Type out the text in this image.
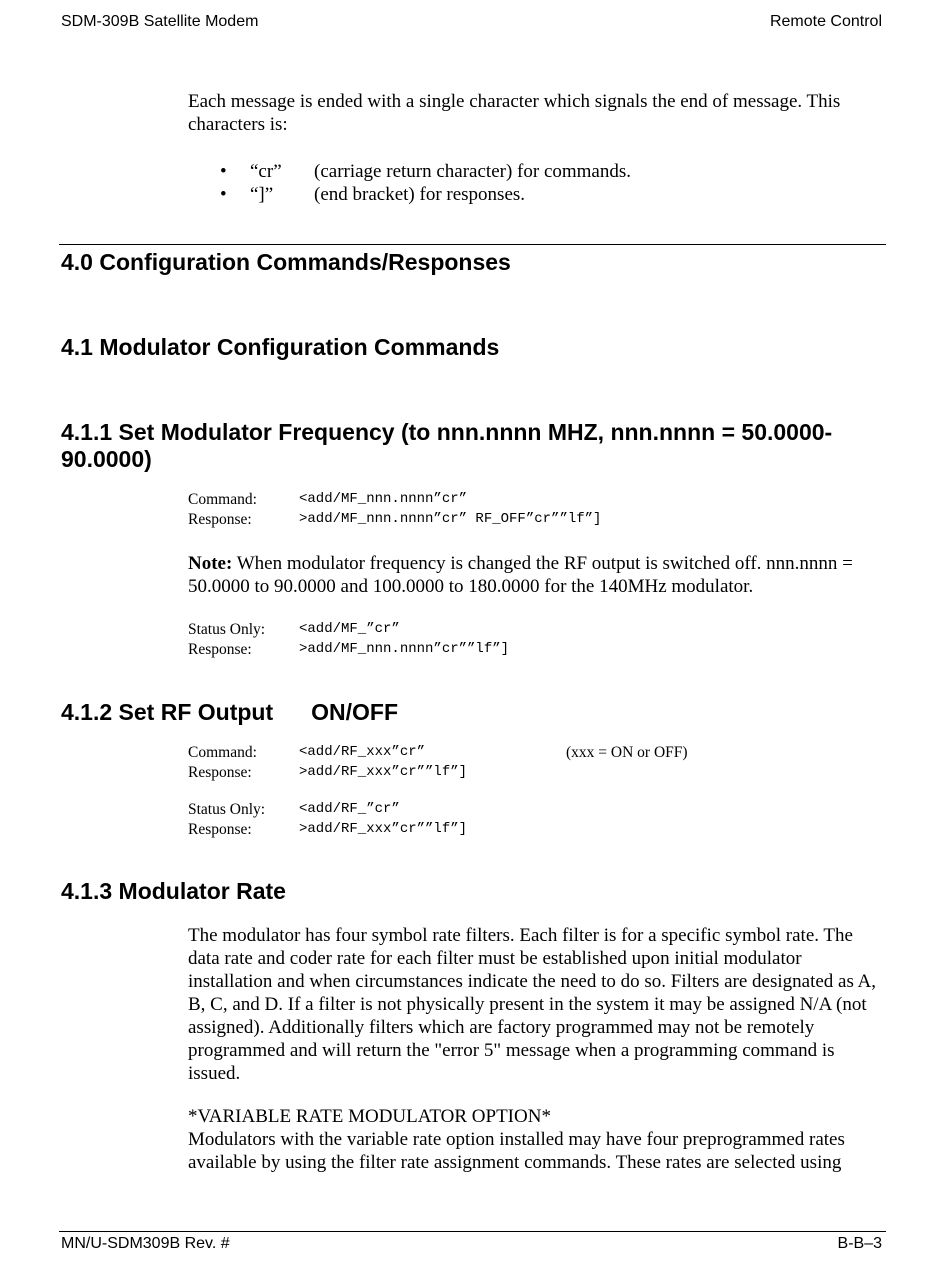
SDM-309B Satellite Modem	Remote Control
Each message is ended with a single character which signals the end of message. This characters is:
• “cr” (carriage return character) for commands.
• “]” (end bracket) for responses.
4.0 Configuration Commands/Responses
4.1 Modulator Configuration Commands
4.1.1 Set Modulator Frequency (to nnn.nnnn MHZ, nnn.nnnn = 50.0000-90.0000)
Command:	<add/MF_nnn.nnnn”cr”
Response:	>add/MF_nnn.nnnn”cr” RF_OFF”cr””lf”]
Note: When modulator frequency is changed the RF output is switched off. nnn.nnnn = 50.0000 to 90.0000 and 100.0000 to 180.0000 for the 140MHz modulator.
Status Only: <add/MF_”cr”
Response:	>add/MF_nnn.nnnn”cr””lf”]
4.1.2 Set RF Output ON/OFF
Command:	<add/RF_xxx”cr”	(xxx = ON or OFF)
Response:	>add/RF_xxx”cr””lf”]
Status Only: <add/RF_”cr”
Response:	>add/RF_xxx”cr””lf”]
4.1.3 Modulator Rate
The modulator has four symbol rate filters. Each filter is for a specific symbol rate. The data rate and coder rate for each filter must be established upon initial modulator installation and when circumstances indicate the need to do so. Filters are designated as A, B, C, and D. If a filter is not physically present in the system it may be assigned N/A (not assigned). Additionally filters which are factory programmed may not be remotely programmed and will return the "error 5" message when a programming command is issued.
*VARIABLE RATE MODULATOR OPTION*
Modulators with the variable rate option installed may have four preprogrammed rates available by using the filter rate assignment commands. These rates are selected using
MN/U-SDM309B Rev. #	B-B–3
